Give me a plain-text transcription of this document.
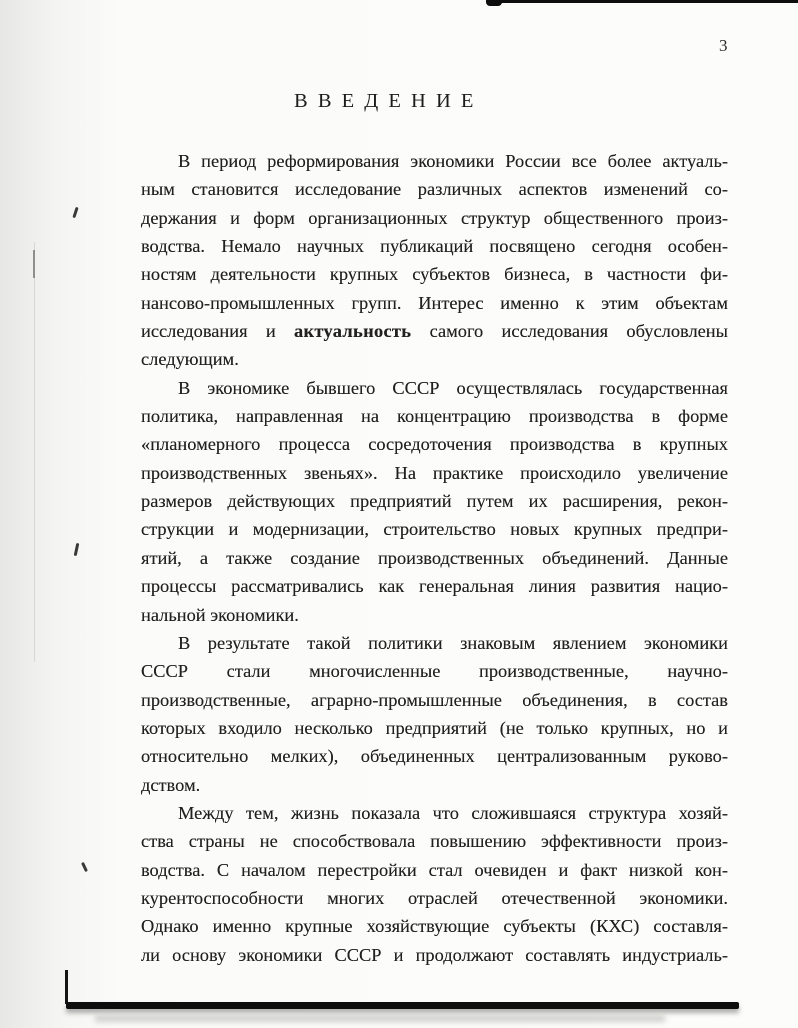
3
В В Е Д Е Н И Е
В период реформирования экономики России все более актуаль-
ным становится исследование различных аспектов изменений со-
держания и форм организационных структур общественного произ-
водства. Немало научных публикаций посвящено сегодня особен-
ностям деятельности крупных субъектов бизнеса, в частности фи-
нансово-промышленных групп. Интерес именно к этим объектам
исследования и актуальность самого исследования обусловлены
следующим.
В экономике бывшего СССР осуществлялась государственная
политика, направленная на концентрацию производства в форме
«планомерного процесса сосредоточения производства в крупных
производственных звеньях». На практике происходило увеличение
размеров действующих предприятий путем их расширения, рекон-
струкции и модернизации, строительство новых крупных предпри-
ятий, а также создание производственных объединений. Данные
процессы рассматривались как генеральная линия развития нацио-
нальной экономики.
В результате такой политики знаковым явлением экономики
СССР стали многочисленные производственные, научно-
производственные, аграрно-промышленные объединения, в состав
которых входило несколько предприятий (не только крупных, но и
относительно мелких), объединенных централизованным руково-
дством.
Между тем, жизнь показала что сложившаяся структура хозяй-
ства страны не способствовала повышению эффективности произ-
водства. С началом перестройки стал очевиден и факт низкой кон-
курентоспособности многих отраслей отечественной экономики.
Однако именно крупные хозяйствующие субъекты (КХС) составля-
ли основу экономики СССР и продолжают составлять индустриаль-
